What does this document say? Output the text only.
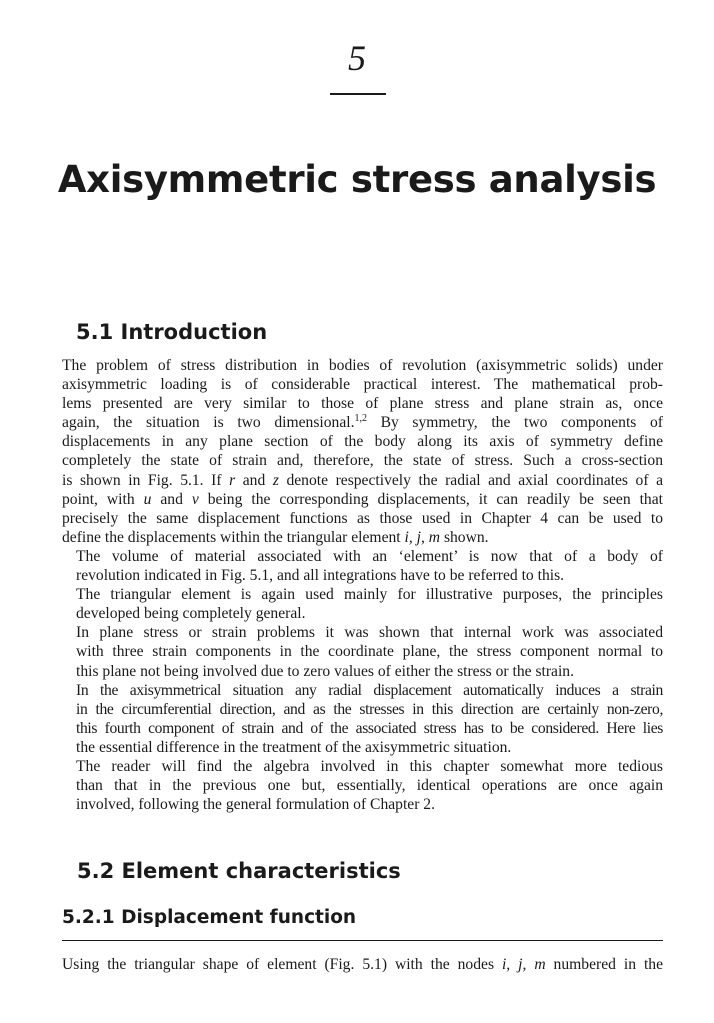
5
Axisymmetric stress analysis
5.1 Introduction

The problem of stress distribution in bodies of revolution (axisymmetric solids) under
axisymmetric loading is of considerable practical interest. The mathematical prob-
lems presented are very similar to those of plane stress and plane strain as, once
again, the situation is two dimensional.$^{1,2}$ By symmetry, the two components of
displacements in any plane section of the body along its axis of symmetry define
completely the state of strain and, therefore, the state of stress. Such a cross-section
is shown in Fig. 5.1. If r and z denote respectively the radial and axial coordinates of a
point, with u and v being the corresponding displacements, it can readily be seen that
precisely the same displacement functions as those used in Chapter 4 can be used to
define the displacements within the triangular element i, j, m shown.

The volume of material associated with an ‘element’ is now that of a body of
revolution indicated in Fig. 5.1, and all integrations have to be referred to this.

The triangular element is again used mainly for illustrative purposes, the principles
developed being completely general.

In plane stress or strain problems it was shown that internal work was associated
with three strain components in the coordinate plane, the stress component normal to
this plane not being involved due to zero values of either the stress or the strain.

In the axisymmetrical situation any radial displacement automatically induces a strain
in the circumferential direction, and as the stresses in this direction are certainly non-zero,
this fourth component of strain and of the associated stress has to be considered. Here lies
the essential difference in the treatment of the axisymmetric situation.

The reader will find the algebra involved in this chapter somewhat more tedious
than that in the previous one but, essentially, identical operations are once again
involved, following the general formulation of Chapter 2.

5.2 Element characteristics
5.2.1 Displacement function

Using the triangular shape of element (Fig. 5.1) with the nodes i, j, m numbered in the
